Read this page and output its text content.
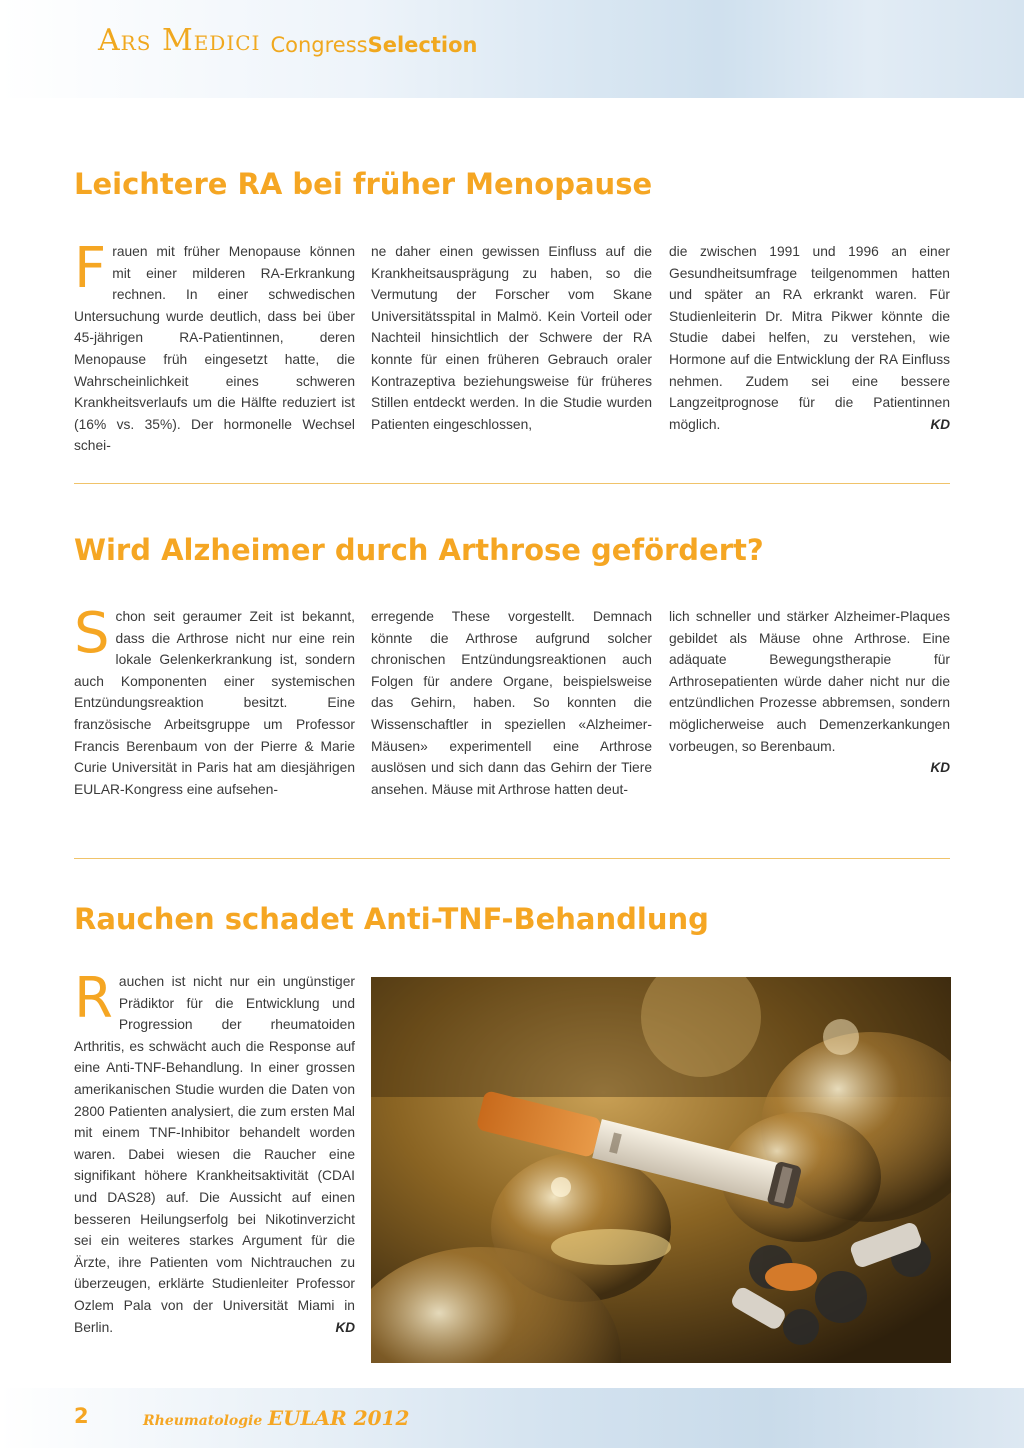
ARS MEDICI CongressSelection
Leichtere RA bei früher Menopause

Frauen mit früher Menopause können mit einer milderen RA-Erkrankung rechnen. In einer schwedischen Untersuchung wurde deutlich, dass bei über 45-jährigen RA-Patientinnen, deren Menopause früh eingesetzt hatte, die Wahrscheinlichkeit eines schweren Krankheitsverlaufs um die Hälfte reduziert ist (16% vs. 35%). Der hormonelle Wechsel schei-

ne daher einen gewissen Einfluss auf die Krankheitsausprägung zu haben, so die Vermutung der Forscher vom Skane Universitätsspital in Malmö. Kein Vorteil oder Nachteil hinsichtlich der Schwere der RA konnte für einen früheren Gebrauch oraler Kontrazeptiva beziehungsweise für früheres Stillen entdeckt werden. In die Studie wurden Patienten eingeschlossen,

die zwischen 1991 und 1996 an einer Gesundheitsumfrage teilgenommen hatten und später an RA erkrankt waren. Für Studienleiterin Dr. Mitra Pikwer könnte die Studie dabei helfen, zu verstehen, wie Hormone auf die Entwicklung der RA Einfluss nehmen. Zudem sei eine bessere Langzeitprognose für die Patientinnen möglich.	KD

Wird Alzheimer durch Arthrose gefördert?

Schon seit geraumer Zeit ist bekannt, dass die Arthrose nicht nur eine rein lokale Gelenkerkrankung ist, sondern auch Komponenten einer systemischen Entzündungsreaktion besitzt. Eine französische Arbeitsgruppe um Professor Francis Berenbaum von der Pierre & Marie Curie Universität in Paris hat am diesjährigen EULAR-Kongress eine aufsehen-

erregende These vorgestellt. Demnach könnte die Arthrose aufgrund solcher chronischen Entzündungsreaktionen auch Folgen für andere Organe, beispielsweise das Gehirn, haben. So konnten die Wissenschaftler in speziellen «Alzheimer-Mäusen» experimentell eine Arthrose auslösen und sich dann das Gehirn der Tiere ansehen. Mäuse mit Arthrose hatten deut-

lich schneller und stärker Alzheimer-Plaques gebildet als Mäuse ohne Arthrose. Eine adäquate Bewegungstherapie für Arthrosepatienten würde daher nicht nur die entzündlichen Prozesse abbremsen, sondern möglicherweise auch Demenzerkankungen vorbeugen, so Berenbaum.
KD

Rauchen schadet Anti-TNF-Behandlung

Rauchen ist nicht nur ein ungünstiger Prädiktor für die Entwicklung und Progression der rheumatoiden Arthritis, es schwächt auch die Response auf eine Anti-TNF-Behandlung. In einer grossen amerikanischen Studie wurden die Daten von 2800 Patienten analysiert, die zum ersten Mal mit einem TNF-Inhibitor behandelt worden waren. Dabei wiesen die Raucher eine signifikant höhere Krankheitsaktivität (CDAI und DAS28) auf. Die Aussicht auf einen besseren Heilungserfolg bei Nikotinverzicht sei ein weiteres starkes Argument für die Ärzte, ihre Patienten vom Nichtrauchen zu überzeugen, erklärte Studienleiter Professor Ozlem Pala von der Universität Miami in Berlin.	KD

2	Rheumatologie EULAR 2012
